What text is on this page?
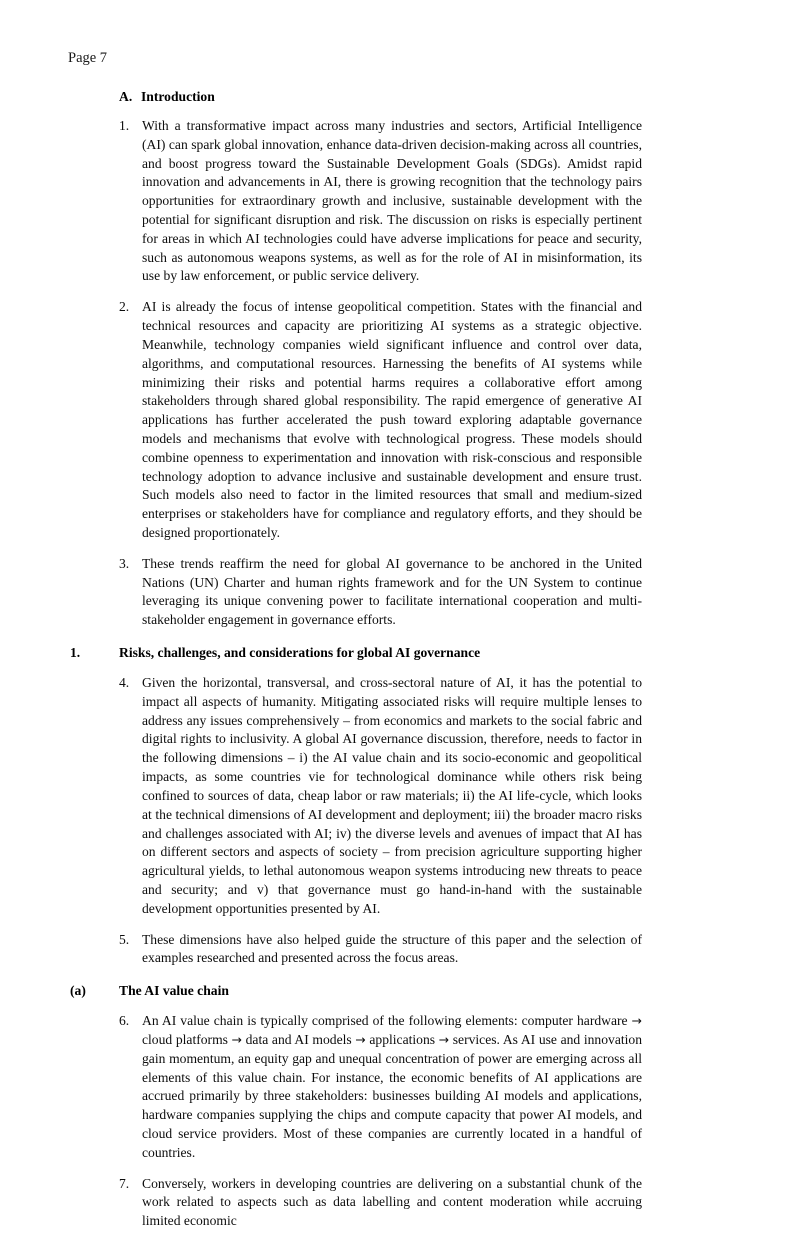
Page 7
A. Introduction
1. With a transformative impact across many industries and sectors, Artificial Intelligence (AI) can spark global innovation, enhance data-driven decision-making across all countries, and boost progress toward the Sustainable Development Goals (SDGs). Amidst rapid innovation and advancements in AI, there is growing recognition that the technology pairs opportunities for extraordinary growth and inclusive, sustainable development with the potential for significant disruption and risk. The discussion on risks is especially pertinent for areas in which AI technologies could have adverse implications for peace and security, such as autonomous weapons systems, as well as for the role of AI in misinformation, its use by law enforcement, or public service delivery.
2. AI is already the focus of intense geopolitical competition. States with the financial and technical resources and capacity are prioritizing AI systems as a strategic objective. Meanwhile, technology companies wield significant influence and control over data, algorithms, and computational resources. Harnessing the benefits of AI systems while minimizing their risks and potential harms requires a collaborative effort among stakeholders through shared global responsibility. The rapid emergence of generative AI applications has further accelerated the push toward exploring adaptable governance models and mechanisms that evolve with technological progress. These models should combine openness to experimentation and innovation with risk-conscious and responsible technology adoption to advance inclusive and sustainable development and ensure trust. Such models also need to factor in the limited resources that small and medium-sized enterprises or stakeholders have for compliance and regulatory efforts, and they should be designed proportionately.
3. These trends reaffirm the need for global AI governance to be anchored in the United Nations (UN) Charter and human rights framework and for the UN System to continue leveraging its unique convening power to facilitate international cooperation and multi-stakeholder engagement in governance efforts.
1.	Risks, challenges, and considerations for global AI governance
4. Given the horizontal, transversal, and cross-sectoral nature of AI, it has the potential to impact all aspects of humanity. Mitigating associated risks will require multiple lenses to address any issues comprehensively – from economics and markets to the social fabric and digital rights to inclusivity. A global AI governance discussion, therefore, needs to factor in the following dimensions – i) the AI value chain and its socio-economic and geopolitical impacts, as some countries vie for technological dominance while others risk being confined to sources of data, cheap labor or raw materials; ii) the AI life-cycle, which looks at the technical dimensions of AI development and deployment; iii) the broader macro risks and challenges associated with AI; iv) the diverse levels and avenues of impact that AI has on different sectors and aspects of society – from precision agriculture supporting higher agricultural yields, to lethal autonomous weapon systems introducing new threats to peace and security; and v) that governance must go hand-in-hand with the sustainable development opportunities presented by AI.
5. These dimensions have also helped guide the structure of this paper and the selection of examples researched and presented across the focus areas.
(a)	The AI value chain
6. An AI value chain is typically comprised of the following elements: computer hardware → cloud platforms → data and AI models → applications → services. As AI use and innovation gain momentum, an equity gap and unequal concentration of power are emerging across all elements of this value chain. For instance, the economic benefits of AI applications are accrued primarily by three stakeholders: businesses building AI models and applications, hardware companies supplying the chips and compute capacity that power AI models, and cloud service providers. Most of these companies are currently located in a handful of countries.
7. Conversely, workers in developing countries are delivering on a substantial chunk of the work related to aspects such as data labelling and content moderation while accruing limited economic
